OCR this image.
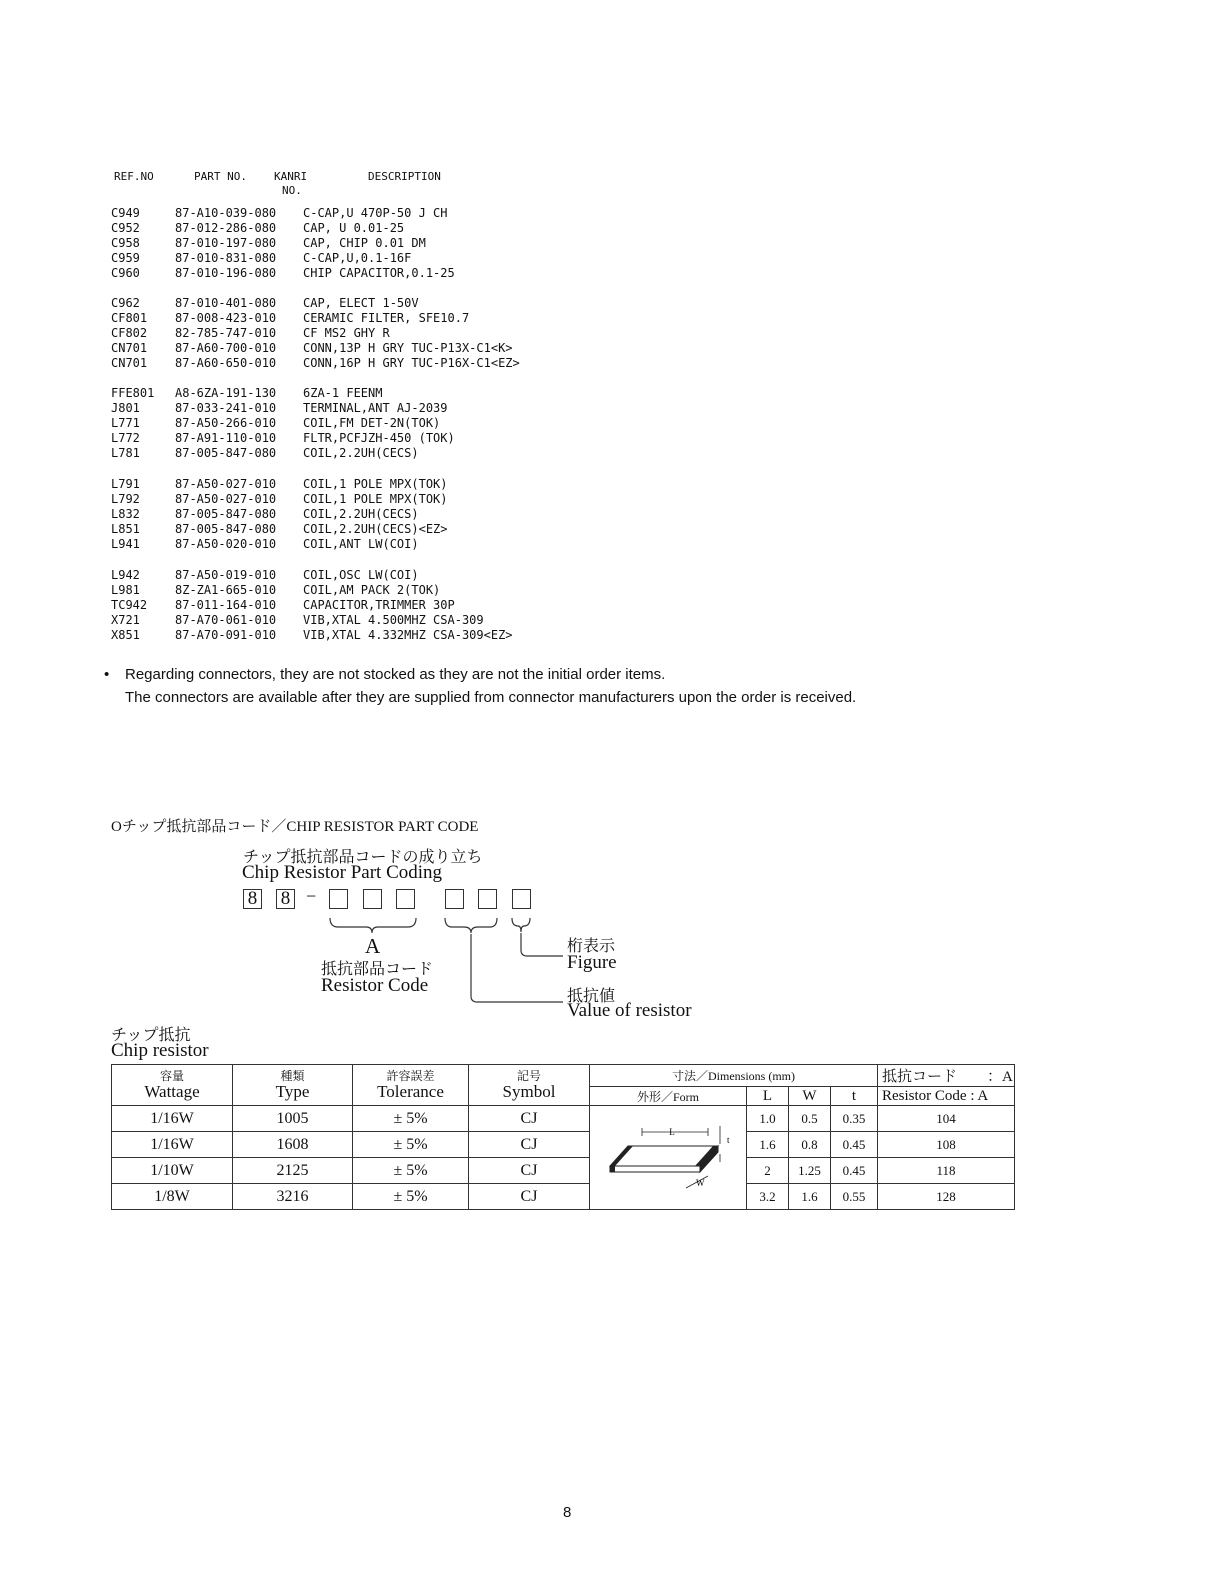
REF.NO	PART NO. KANRI
NO.
DESCRIPTION
C949	87-A10-039-080 C-CAP,U 470P-50 J CH
C952	87-012-286-080 CAP, U 0.01-25
C958	87-010-197-080 CAP, CHIP 0.01 DM
C959	87-010-831-080 C-CAP,U,0.1-16F
C960	87-010-196-080 CHIP CAPACITOR,0.1-25
C962	87-010-401-080 CAP, ELECT 1-50V
CF801 87-008-423-010 CERAMIC FILTER, SFE10.7
CF802 82-785-747-010 CF MS2 GHY R
CN701 87-A60-700-010 CONN,13P H GRY TUC-P13X-C1<K>
CN701 87-A60-650-010 CONN,16P H GRY TUC-P16X-C1<EZ>
FFE801 A8-6ZA-191-130 6ZA-1 FEENM
J801	87-033-241-010 TERMINAL,ANT AJ-2039
L771	87-A50-266-010 COIL,FM DET-2N(TOK)
L772	87-A91-110-010 FLTR,PCFJZH-450 (TOK)
L781	87-005-847-080 COIL,2.2UH(CECS)
L791	87-A50-027-010 COIL,1 POLE MPX(TOK)
L792	87-A50-027-010 COIL,1 POLE MPX(TOK)
L832	87-005-847-080 COIL,2.2UH(CECS)
L851	87-005-847-080 COIL,2.2UH(CECS)<EZ>
L941	87-A50-020-010 COIL,ANT LW(COI)
L942	87-A50-019-010 COIL,OSC LW(COI)
L981	8Z-ZA1-665-010 COIL,AM PACK 2(TOK)
TC942 87-011-164-010 CAPACITOR,TRIMMER 30P
X721	87-A70-061-010 VIB,XTAL 4.500MHZ CSA-309
X851	87-A70-091-010 VIB,XTAL 4.332MHZ CSA-309<EZ>
• Regarding connectors, they are not stocked as they are not the initial order items.
The connectors are available after they are supplied from connector manufacturers upon the order is received.
Oチップ抵抗部品コード／CHIP RESISTOR PART CODE
チップ抵抗部品コードの成り立ち
Chip Resistor Part Coding
8 8 −
A
抵抗部品コード
Resistor Code
桁表示
Figure
抵抗値
Value of resistor
チップ抵抗
Chip resistor
容量
Wattage	種類
Type	許容誤差
Tolerance	記号
Symbol	寸法／Dimensions (mm)				抵抗コード　　：A
				外形／Form	L	W	t	Resistor Code : A
1/16W	1005	± 5%	CJ		1.0	0.5	0.35	104
1/16W	1608	± 5%	CJ		1.6	0.8	0.45	108
1/10W	2125	± 5%	CJ		2	1.25	0.45	118
1/8W	3216	± 5%	CJ		3.2	1.6	0.55	128
L
t
W
8
